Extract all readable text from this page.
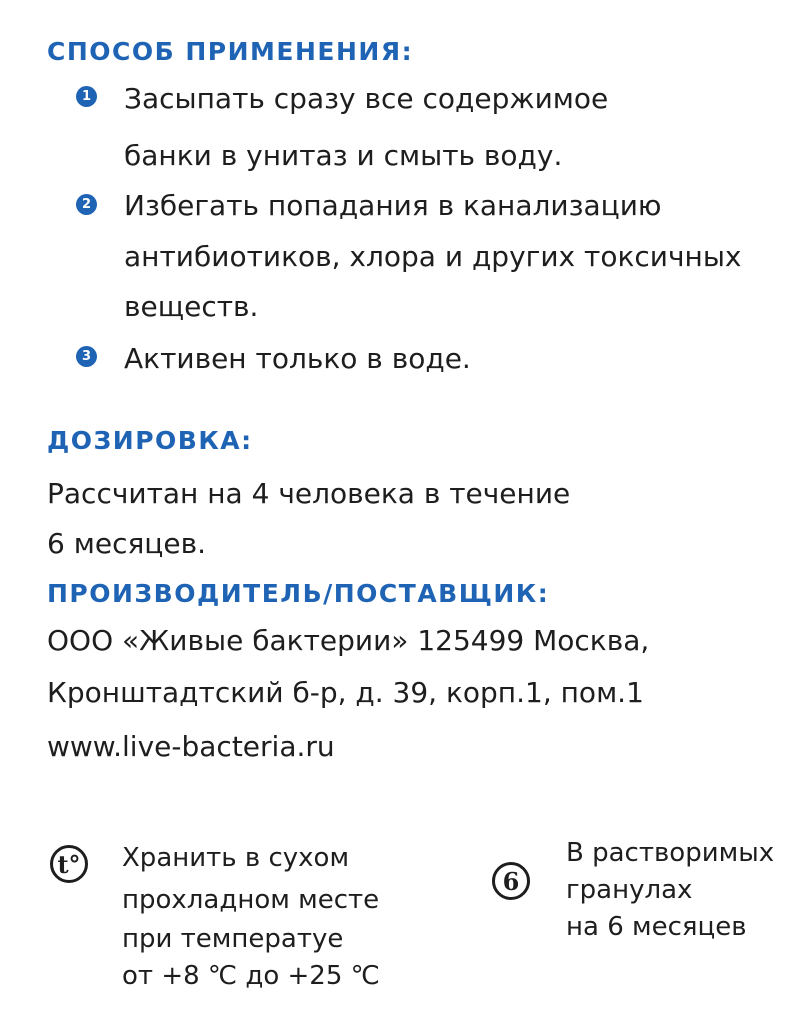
СПОСОБ ПРИМЕНЕНИЯ:
1 Засыпать сразу все содержимое
банки в унитаз и смыть воду.
2 Избегать попадания в канализацию
антибиотиков, хлора и других токсичных
веществ.
3 Активен только в воде.
ДОЗИРОВКА:
Рассчитан на 4 человека в течение
6 месяцев.
ПРОИЗВОДИТЕЛЬ/ПОСТАВЩИК:
ООО «Живые бактерии» 125499 Москва,
Кронштадтский б-р, д. 39, корп.1, пом.1
www.live-bacteria.ru
t° Хранить в сухом
прохладном месте
при температуе
от +8 ℃ до +25 ℃
6
В растворимых
гранулах
на 6 месяцев
